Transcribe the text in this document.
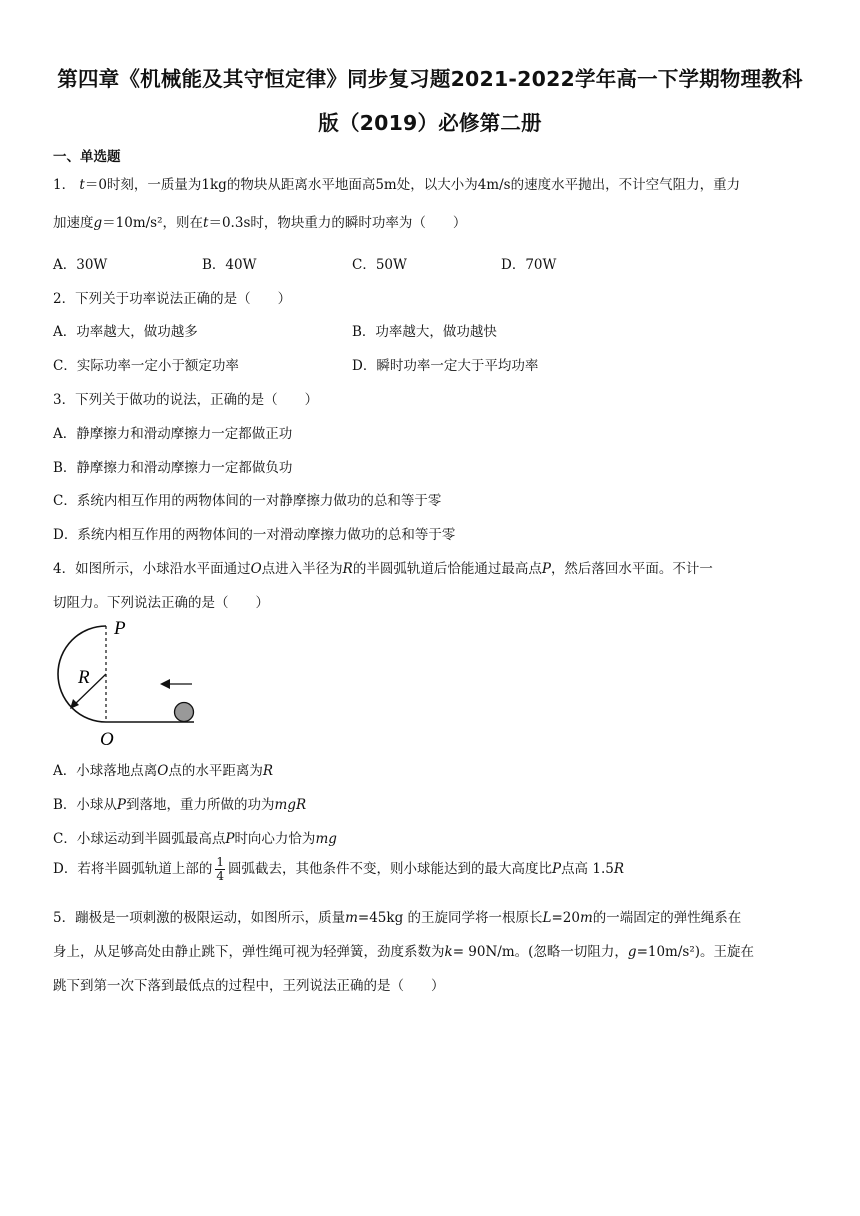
第四章《机械能及其守恒定律》同步复习题2021-2022学年高一下学期物理教科
版（2019）必修第二册
一、单选题
1． t＝0时刻，一质量为1kg的物块从距离水平地面高5m处，以大小为4m/s的速度水平抛出，不计空气阻力，重力
加速度g＝10m/s²，则在t＝0.3s时，物块重力的瞬时功率为（　　）
A．30W	B．40W	C．50W	D．70W
2．下列关于功率说法正确的是（　　）
A．功率越大，做功越多	B．功率越大，做功越快
C．实际功率一定小于额定功率	D．瞬时功率一定大于平均功率
3．下列关于做功的说法，正确的是（　　）
A．静摩擦力和滑动摩擦力一定都做正功
B．静摩擦力和滑动摩擦力一定都做负功
C．系统内相互作用的两物体间的一对静摩擦力做功的总和等于零
D．系统内相互作用的两物体间的一对滑动摩擦力做功的总和等于零
4．如图所示，小球沿水平面通过O点进入半径为R的半圆弧轨道后恰能通过最高点P，然后落回水平面。不计一
切阻力。下列说法正确的是（　　）
P
R
O
A．小球落地点离O点的水平距离为R
B．小球从P到落地，重力所做的功为mgR
C．小球运动到半圆弧最高点P时向心力恰为mg
D．若将半圆弧轨道上部的 $\frac{1}{4}$ 圆弧截去，其他条件不变，则小球能达到的最大高度比P点高 1.5R
5．蹦极是一项刺激的极限运动，如图所示，质量m=45kg 的王旋同学将一根原长L=20m的一端固定的弹性绳系在
身上，从足够高处由静止跳下，弹性绳可视为轻弹簧，劲度系数为k= 90N/m。(忽略一切阻力，g=10m/s²)。王旋在
跳下到第一次下落到最低点的过程中，王列说法正确的是（　　）
